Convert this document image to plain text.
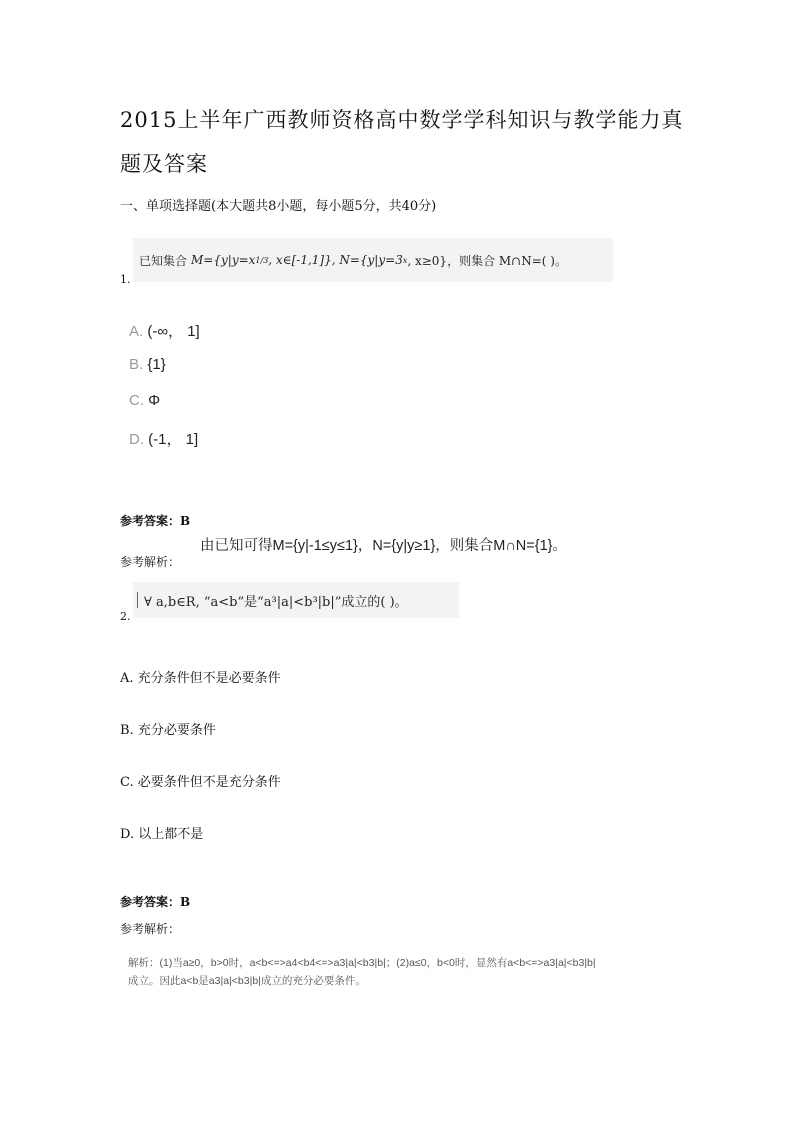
2015上半年广西教师资格高中数学学科知识与教学能力真
题及答案
一、单项选择题(本大题共8小题，每小题5分，共40分)
已知集合 M={y|y=x 1/3 , x∈[-1,1]}, N={y|y=3 x , x≥0}，则集合 M∩N=( )。
1.
A. (-∞， 1]
B. {1}
C. Φ
D. (-1， 1]
参考答案：B
由已知可得M={y|-1≤y≤1}，N={y|y≥1}，则集合M∩N={1}。
参考解析：
∀ a,b∈R, “a<b”是“a³|a|<b³|b|”成立的( )。
2.
A. 充分条件但不是必要条件
B. 充分必要条件
C. 必要条件但不是充分条件
D. 以上都不是
参考答案：B
参考解析：
解析：(1)当a≥0，b>0时，a<b<=>a4<b4<=>a3|a|<b3|b|；(2)a≤0，b<0时，显然有a<b<=>a3|a|<b3|b|
成立。因此a<b是a3|a|<b3|b|成立的充分必要条件。
